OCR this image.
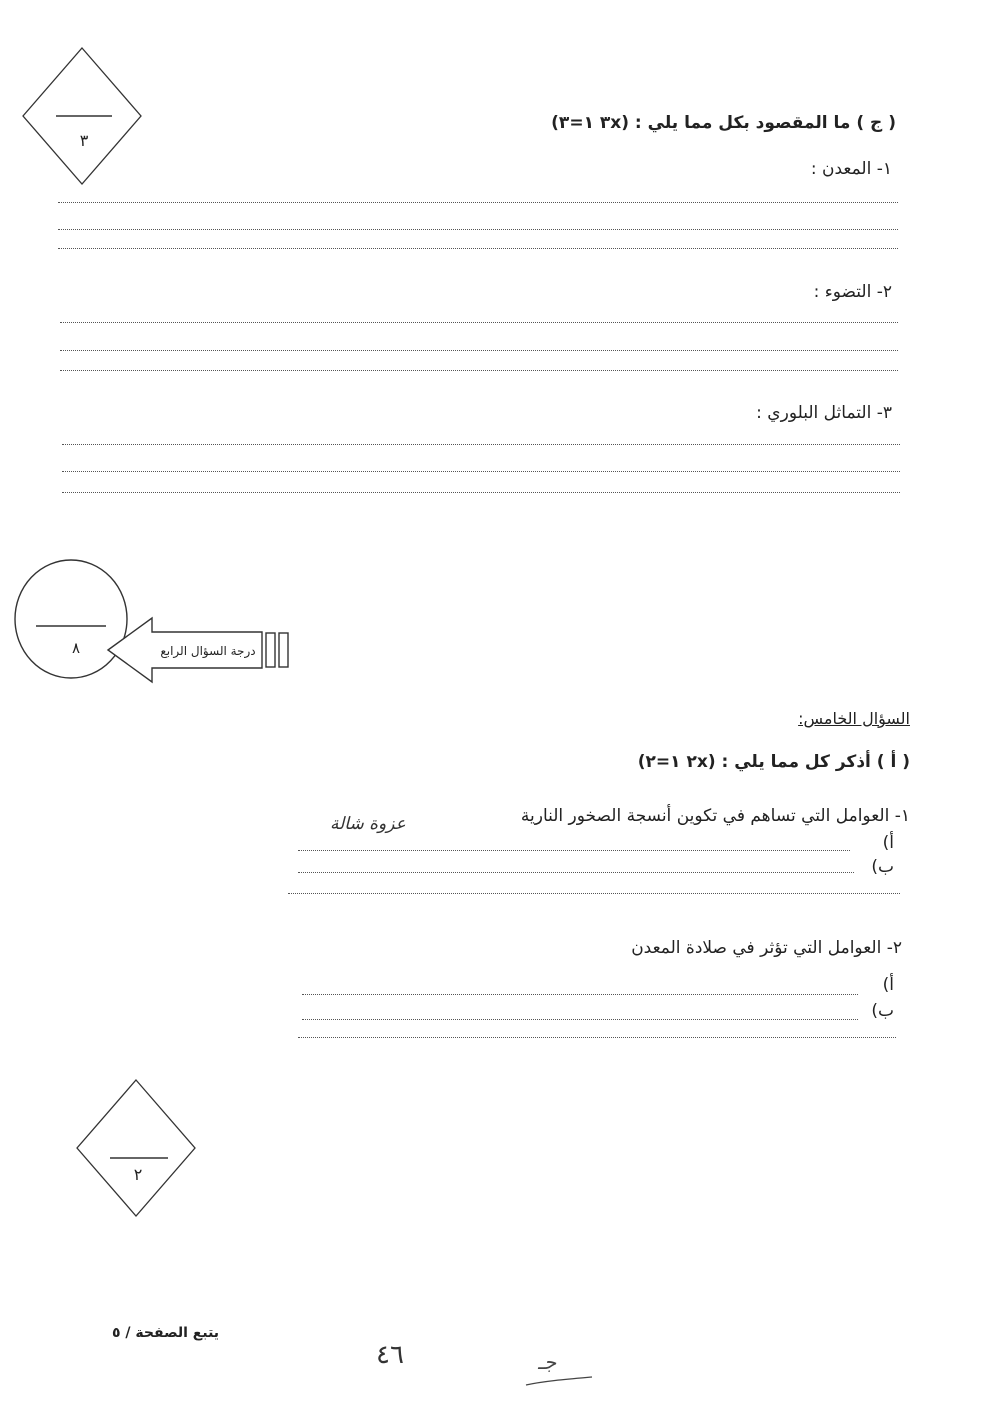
٣
( ج ) ما المقصود بكل مما يلي : (٣x ١=٣)
١- المعدن :
٢- التضوء :
٣- التماثل البلوري :
٨	درجة السؤال الرابع
السؤال الخامس:
( أ ) أذكر كل مما يلي : (٢x ١=٢)
١- العوامل التي تساهم في تكوين أنسجة الصخور النارية
عزوة شالة
أ)
ب)
٢- العوامل التي تؤثر في صلادة المعدن
أ)
ب)
٢
يتبع الصفحة / ٥
٤٦	جـ
